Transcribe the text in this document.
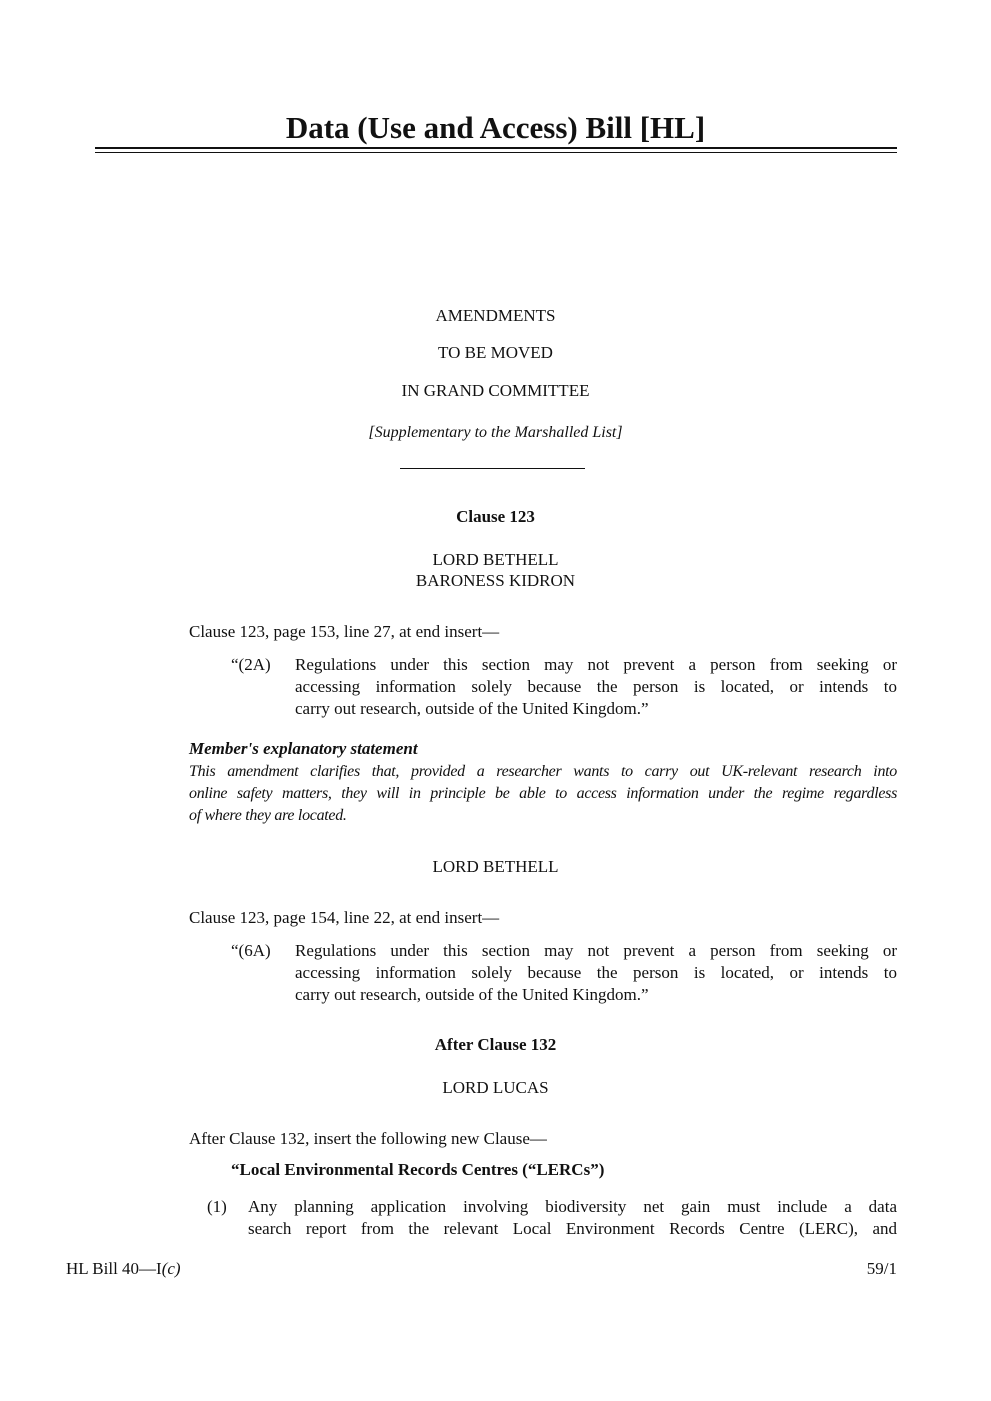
Data (Use and Access) Bill [HL]
AMENDMENTS
TO BE MOVED
IN GRAND COMMITTEE
[Supplementary to the Marshalled List]
Clause 123
LORD BETHELL
BARONESS KIDRON
Clause 123, page 153, line 27, at end insert—
“(2A) Regulations under this section may not prevent a person from seeking or
accessing information solely because the person is located, or intends to
carry out research, outside of the United Kingdom.”
Member's explanatory statement
This amendment clarifies that, provided a researcher wants to carry out UK-relevant research into
online safety matters, they will in principle be able to access information under the regime regardless
of where they are located.
LORD BETHELL
Clause 123, page 154, line 22, at end insert—
“(6A) Regulations under this section may not prevent a person from seeking or
accessing information solely because the person is located, or intends to
carry out research, outside of the United Kingdom.”
After Clause 132
LORD LUCAS
After Clause 132, insert the following new Clause—
“Local Environmental Records Centres (“LERCs”)
(1) Any planning application involving biodiversity net gain must include a data
search report from the relevant Local Environment Records Centre (LERC), and
HL Bill 40—I(c)	59/1
